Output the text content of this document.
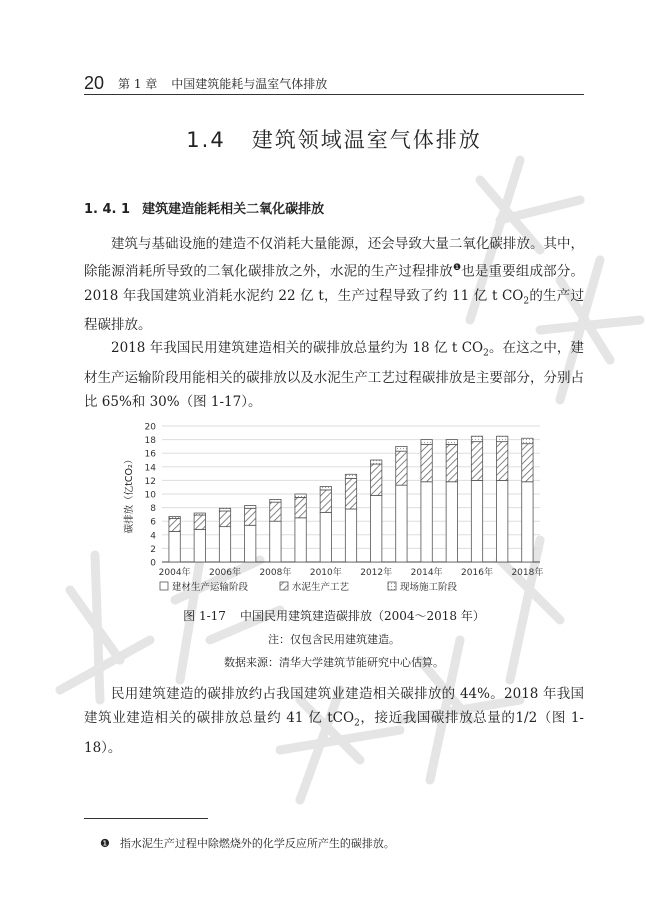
20 第 1 章 中国建筑能耗与温室气体排放
1.4 建筑领域温室气体排放
1. 4. 1 建筑建造能耗相关二氧化碳排放

建筑与基础设施的建造不仅消耗大量能源，还会导致大量二氧化碳排放。其中，除能源消耗所导致的二氧化碳排放之外，水泥的生产过程排放$^❶$也是重要组成部分。2018 年我国建筑业消耗水泥约 22 亿 t，生产过程导致了约 11 亿 t $CO_2$的生产过程碳排放。

2018 年我国民用建筑建造相关的碳排放总量约为 18 亿 t $CO_2$。在这之中，建材生产运输阶段用能相关的碳排放以及水泥生产工艺过程碳排放是主要部分，分别占比 65%和 30%（图 1-17）。

0
2
4
6
8
10
12
14
16
18
20
碳排放（亿tCO₂）
2004年 2006年 2008年 2010年 2012年 2014年 2016年 2018年
建材生产运输阶段	水泥生产工艺	现场施工阶段
图 1-17 中国民用建筑建造碳排放（2004～2018 年）
注：仅包含民用建筑建造。
数据来源：清华大学建筑节能研究中心估算。

民用建筑建造的碳排放约占我国建筑业建造相关碳排放的 44%。2018 年我国建筑业建造相关的碳排放总量约 41 亿 tCO$_2$，接近我国碳排放总量的1/2（图 1-18）。

❶ 指水泥生产过程中除燃烧外的化学反应所产生的碳排放。
